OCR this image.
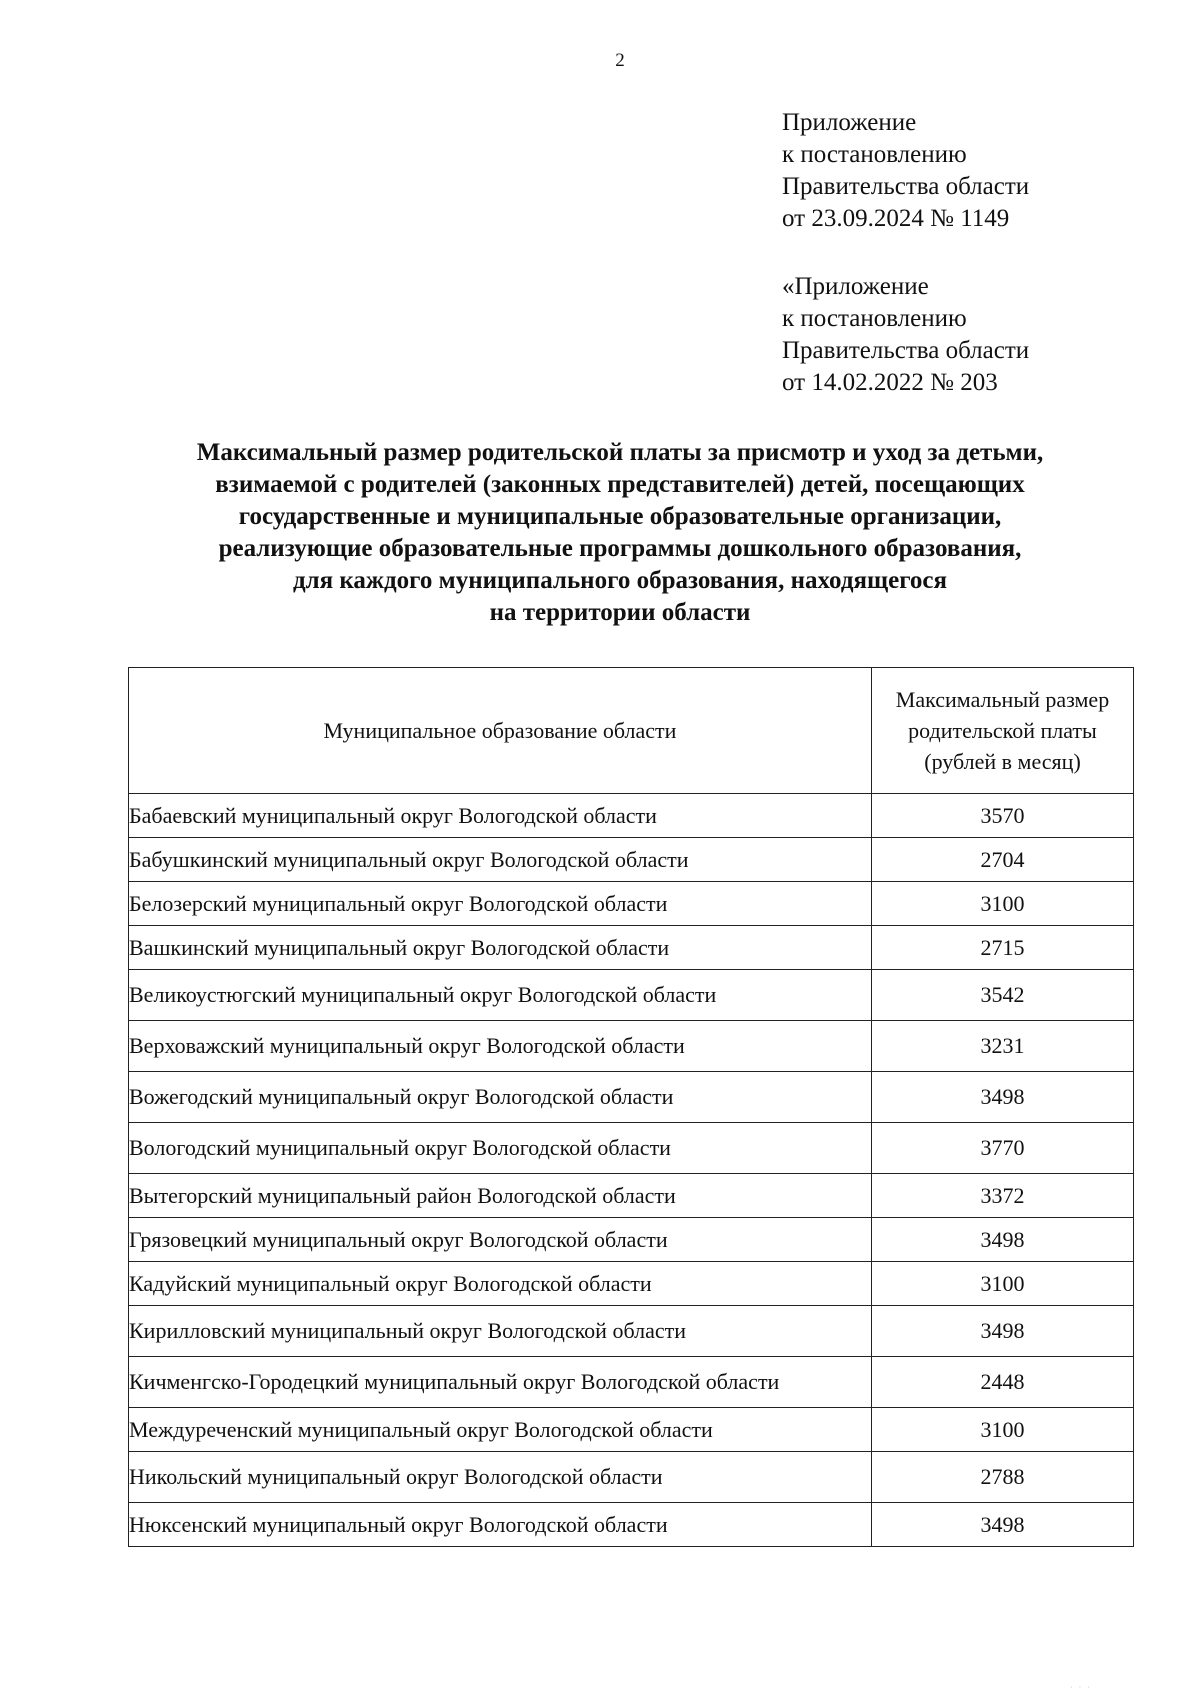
2
Приложение
к постановлению
Правительства области
от 23.09.2024 № 1149
«Приложение
к постановлению
Правительства области
от 14.02.2022 № 203
Максимальный размер родительской платы за присмотр и уход за детьми,
взимаемой с родителей (законных представителей) детей, посещающих
государственные и муниципальные образовательные организации,
реализующие образовательные программы дошкольного образования,
для каждого муниципального образования, находящегося
на территории области
Муниципальное образование области	Максимальный размер
родительской платы
(рублей в месяц)

Бабаевский муниципальный округ Вологодской области	3570
Бабушкинский муниципальный округ Вологодской области	2704
Белозерский муниципальный округ Вологодской области	3100
Вашкинский муниципальный округ Вологодской области	2715
Великоустюгский муниципальный округ Вологодской области	3542
Верховажский муниципальный округ Вологодской области	3231
Вожегодский муниципальный округ Вологодской области	3498
Вологодский муниципальный округ Вологодской области	3770
Вытегорский муниципальный район Вологодской области	3372
Грязовецкий муниципальный округ Вологодской области	3498
Кадуйский муниципальный округ Вологодской области	3100
Кирилловский муниципальный округ Вологодской области	3498
Кичменгско-Городецкий муниципальный округ Вологодской области	2448
Междуреченский муниципальный округ Вологодской области	3100
Никольский муниципальный округ Вологодской области	2788
Нюксенский муниципальный округ Вологодской области	3498
· · ·
